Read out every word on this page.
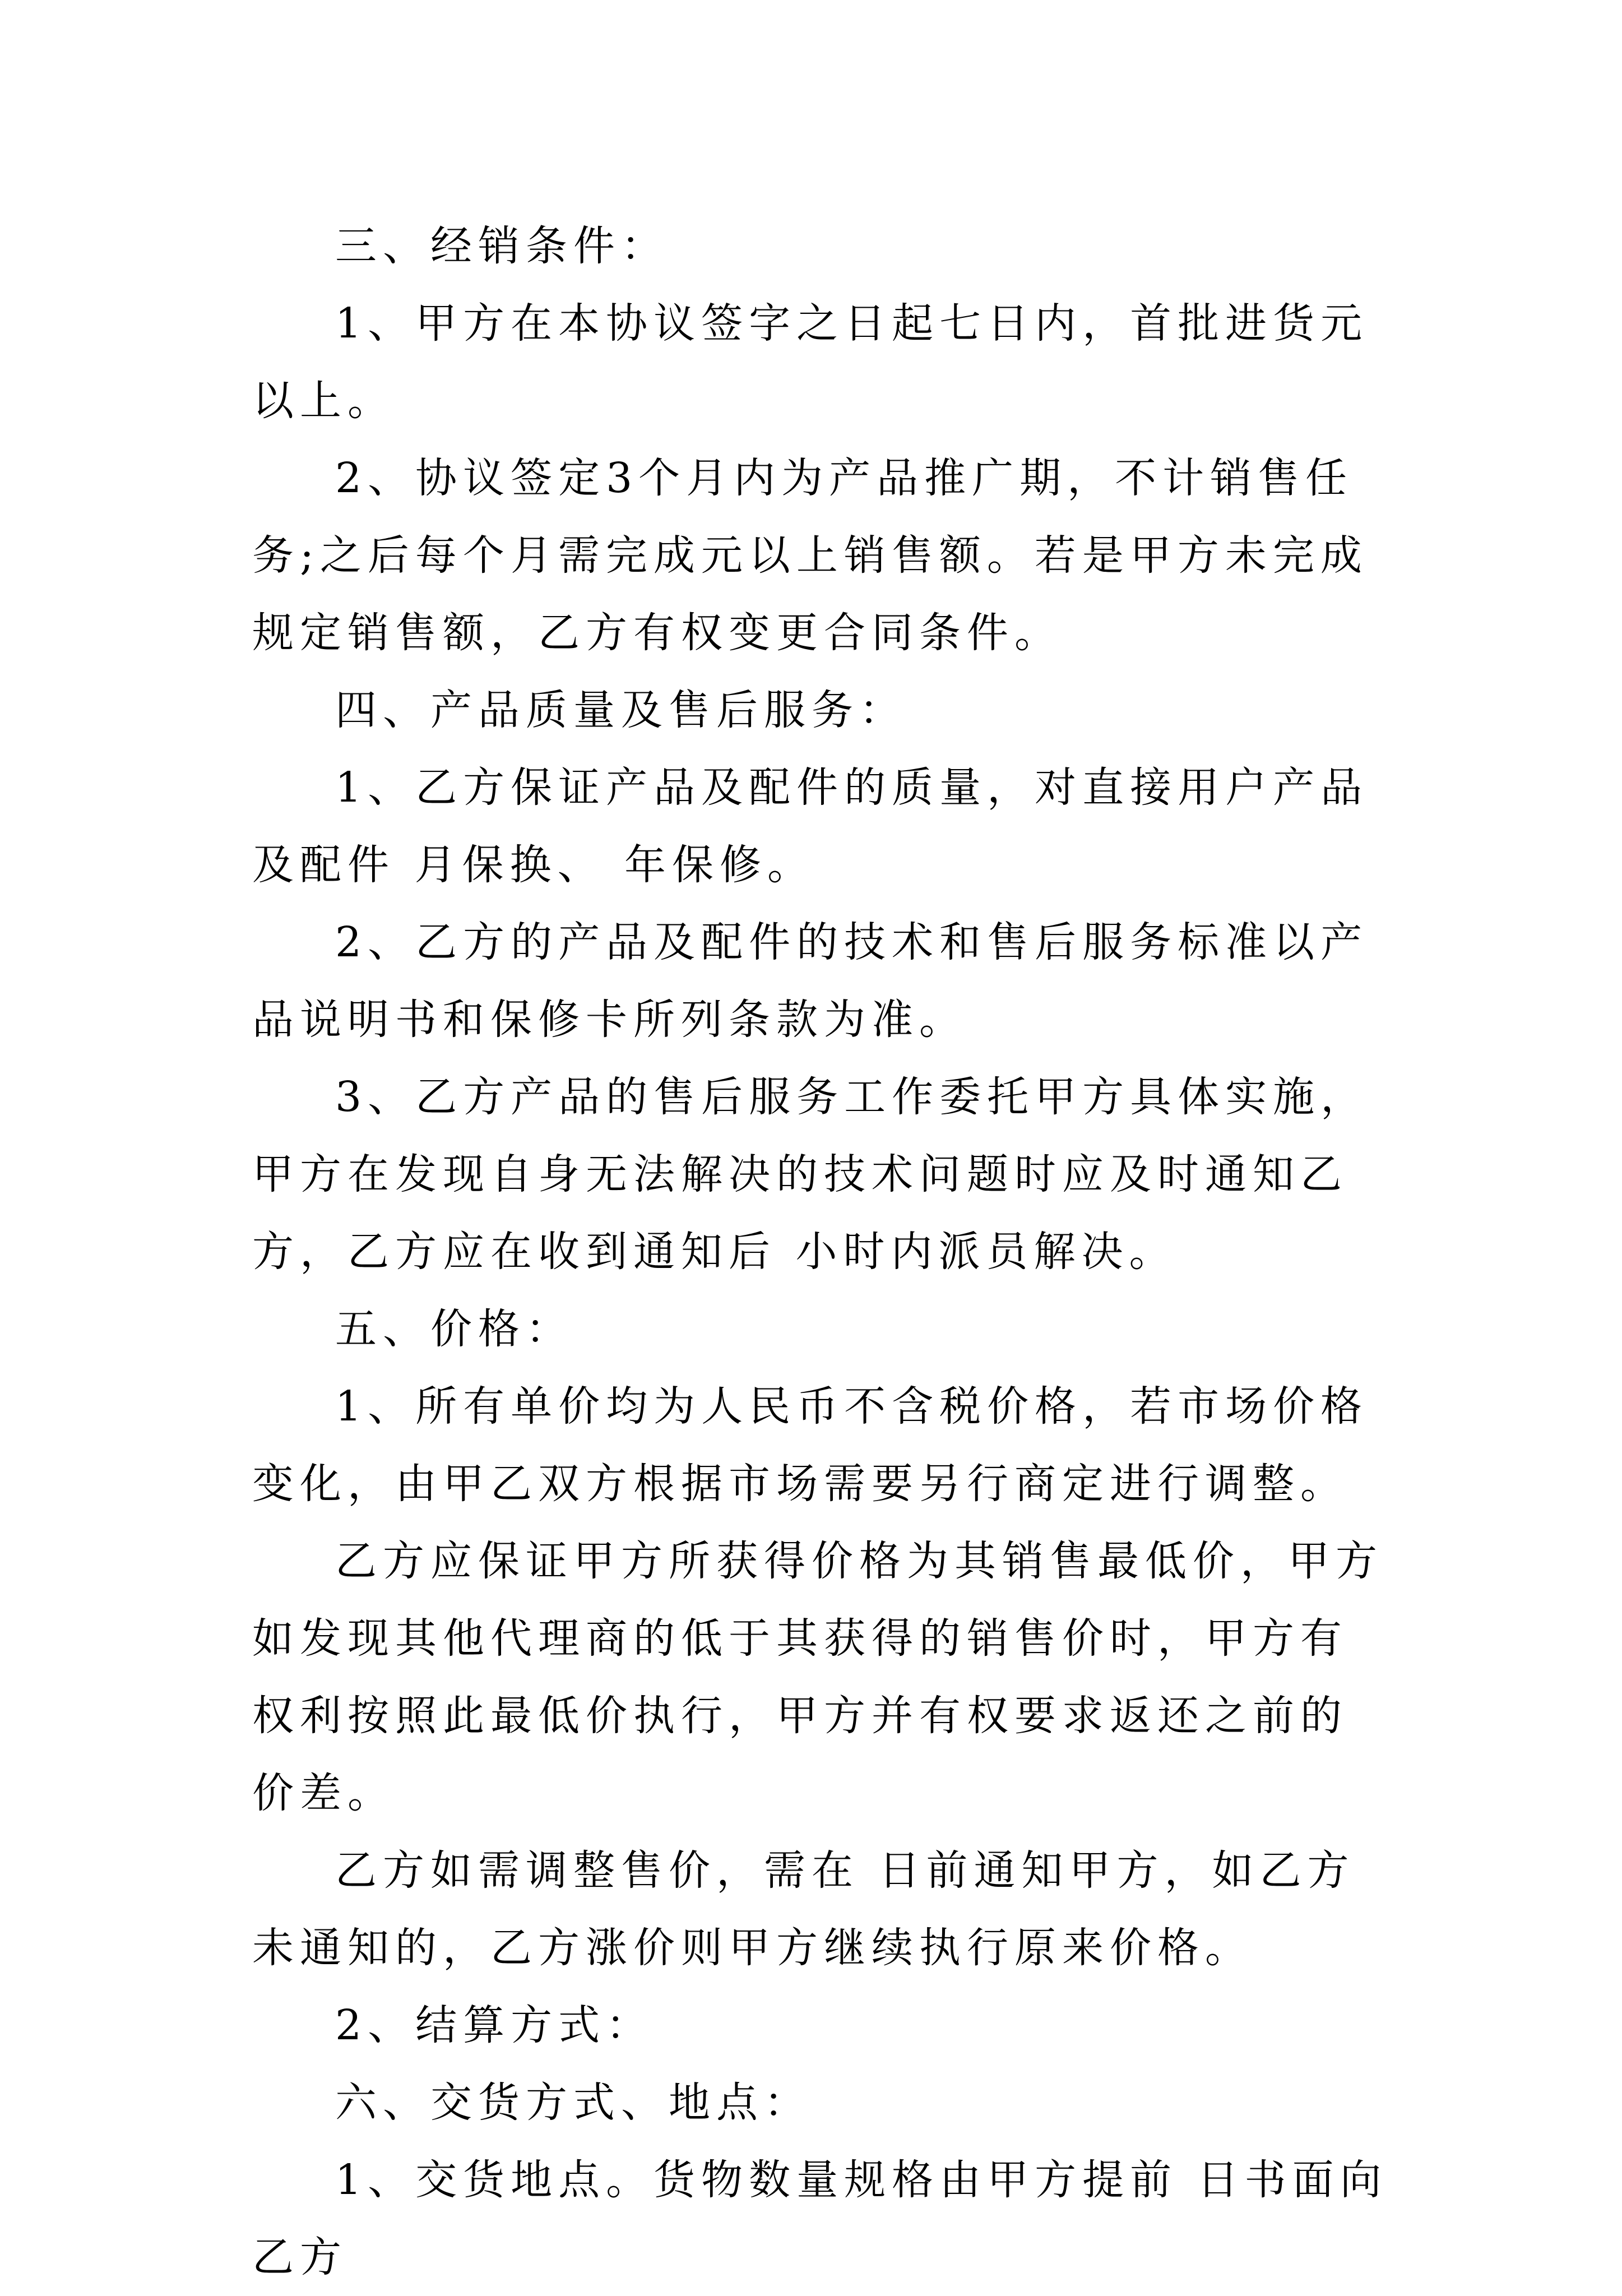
三、经销条件：

1、甲方在本协议签字之日起七日内，首批进货元以上。

2、协议签定3个月内为产品推广期，不计销售任务;之后每个月需完成元以上销售额。若是甲方未完成规定销售额，乙方有权变更合同条件。

四、产品质量及售后服务：

1、乙方保证产品及配件的质量，对直接用户产品及配件 月保换、 年保修。

2、乙方的产品及配件的技术和售后服务标准以产品说明书和保修卡所列条款为准。

3、乙方产品的售后服务工作委托甲方具体实施，甲方在发现自身无法解决的技术问题时应及时通知乙方，乙方应在收到通知后 小时内派员解决。

五、价格：

1、所有单价均为人民币不含税价格，若市场价格变化，由甲乙双方根据市场需要另行商定进行调整。

乙方应保证甲方所获得价格为其销售最低价，甲方如发现其他代理商的低于其获得的销售价时，甲方有权利按照此最低价执行，甲方并有权要求返还之前的价差。

乙方如需调整售价，需在 日前通知甲方，如乙方未通知的，乙方涨价则甲方继续执行原来价格。

2、结算方式：

六、交货方式、地点：

1、交货地点。货物数量规格由甲方提前 日书面向乙方
